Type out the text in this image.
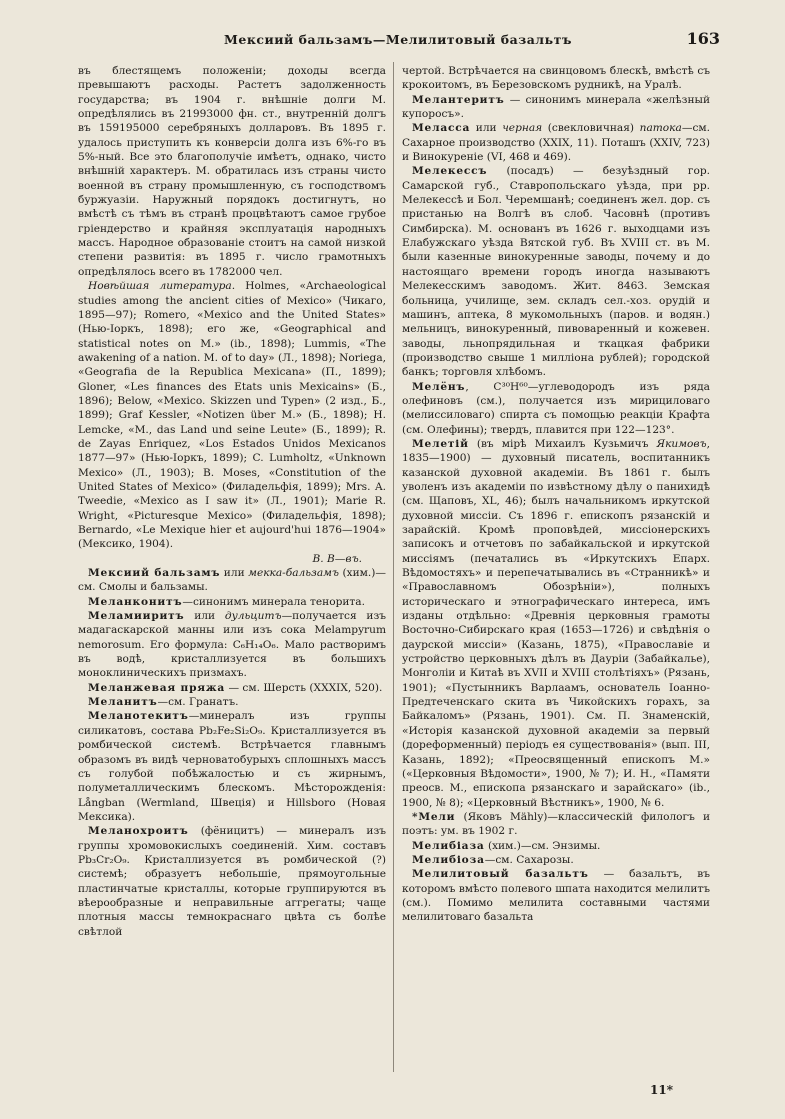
Мексиий бальзамъ—Мелилитовый базальтъ	163

въ блестящемъ положеніи; доходы всегда превышаютъ расходы. Растетъ задолженность государства; въ 1904 г. внѣшніе долги М. опредѣлялись въ 21993000 фн. ст., внутренній долгъ въ 159195000 серебряныхъ долларовъ. Въ 1895 г. удалось приступить къ конверсіи долга изъ 6%-го въ 5%-ный. Все это благополучіе имѣетъ, однако, чисто внѣшній характеръ. М. обратилась изъ страны чисто военной въ страну промышленную, съ господствомъ буржуазіи. Наружный порядокъ достигнутъ, но вмѣстѣ съ тѣмъ въ странѣ процвѣтаютъ самое грубое гріендерство и крайняя эксплуатація народныхъ массъ. Народное образованіе стоитъ на самой низкой степени развитія: въ 1895 г. число грамотныхъ опредѣлялось всего въ 1782000 чел.

Новѣйшая литература. Holmes, «Archaeological studies among the ancient cities of Mexico» (Чикаго, 1895—97); Romero, «Mexico and the United States» (Нью-Іоркъ, 1898); его же, «Geographical and statistical notes on M.» (ib., 1898); Lummis, «The awakening of a nation. M. of to day» (Л., 1898); Noriega, «Geografia de la Republica Mexicana» (П., 1899); Glоner, «Les finances des Etats unis Mexicains» (Б., 1896); Below, «Mexico. Skizzen und Typen» (2 изд., Б., 1899); Graf Kessler, «Notizen über M.» (Б., 1898); H. Lemcke, «M., das Land und seine Leute» (Б., 1899); R. de Zayas Enriquez, «Los Estados Unidos Mexicanos 1877—97» (Нью-Іоркъ, 1899); C. Lumholtz, «Unknown Mexico» (Л., 1903); B. Moses, «Constitution of the United States of Mexico» (Филадельфія, 1899); Mrs. A. Tweedie, «Mexico as I saw it» (Л., 1901); Marie R. Wright, «Picturesque Mexico» (Филадельфія, 1898); Bernardo, «Le Mexique hier et aujourd'hui 1876—1904» (Мексико, 1904).
В. В—въ.

Мексиий бальзамъ или мекка-бальзамъ (хим.)—см. Смолы и бальзамы.

Меланконитъ—синонимъ минерала тенорита.

Меламииритъ или дульцитъ—получается изъ мадагаскарской манны или изъ сока Melampyrum nemorosum. Его формула: C₆H₁₄O₆. Мало растворимъ въ водѣ, кристаллизуется въ большихъ моноклиническихъ призмахъ.

Меланжевая пряжа — см. Шерсть (XXXIX, 520).

Меланитъ—см. Гранатъ.

Меланотекитъ—минералъ изъ группы силикатовъ, состава Pb₂Fe₂Si₂O₉. Кристаллизуется въ ромбической системѣ. Встрѣчается главнымъ образомъ въ видѣ черноватобурыхъ сплошныхъ массъ съ голубой побѣжалостью и съ жирнымъ, полуметаллическимъ блескомъ. Мѣсторожденія: Långban (Wermland, Швеція) и Hillsboro (Новая Мексика).

Меланохроитъ (фёницитъ) — минералъ изъ группы хромовокислыхъ соединеній. Хим. составъ Pb₃Cr₂O₉. Кристаллизуется въ ромбической (?) системѣ; образуетъ небольшіе, прямоугольные пластинчатые кристаллы, которые группируются въ вѣерообразные и неправильные аггрегаты; чаще плотныя массы темнокраснаго цвѣта съ болѣе свѣтлой

чертой. Встрѣчается на свинцовомъ блескѣ, вмѣстѣ съ крокоитомъ, въ Березовскомъ рудникѣ, на Уралѣ.

Мелантеритъ — синонимъ минерала «желѣзный купоросъ».

Меласса или черная (свекловичная) патока—см. Сахарное производство (XXIX, 11). Поташъ (XXIV, 723) и Винокуреніе (VI, 468 и 469).

Мелекессъ (посадъ) — безуѣздный гор. Самарской губ., Ставропольскаго уѣзда, при рр. Мелекессѣ и Бол. Черемшанѣ; соединенъ жел. дор. съ пристанью на Волгѣ въ слоб. Часовнѣ (противъ Симбирска). М. основанъ въ 1626 г. выходцами изъ Елабужскаго уѣзда Вятской губ. Въ XVIII ст. въ М. были казенные винокуренные заводы, почему и до настоящаго времени городъ иногда называютъ Мелекесскимъ заводомъ. Жит. 8463. Земская больница, училище, зем. складъ сел.-хоз. орудій и машинъ, аптека, 8 мукомольныхъ (паров. и водян.) мельницъ, винокуренный, пивоваренный и кожевен. заводы, льнопрядильная и ткацкая фабрики (производство свыше 1 милліона рублей); городской банкъ; торговля хлѣбомъ.

Мелёнъ, C³⁰H⁶⁰—углеводородъ изъ ряда олефиновъ (см.), получается изъ мирициловаго (мелиссиловаго) спирта съ помощью реакціи Крафта (см. Олефины); твердъ, плавится при 122—123°.

Мелетій (въ мірѣ Михаилъ Кузьмичъ Якимовъ, 1835—1900) — духовный писатель, воспитанникъ казанской духовной академіи. Въ 1861 г. былъ уволенъ изъ академіи по извѣстному дѣлу о панихидѣ (см. Щаповъ, XL, 46); былъ начальникомъ иркутской духовной миссіи. Съ 1896 г. епископъ рязанскій и зарайскій. Кромѣ проповѣдей, миссіонерскихъ записокъ и отчетовъ по забайкальской и иркутской миссіямъ (печатались въ «Иркутскихъ Епарх. Вѣдомостяхъ» и перепечатывались въ «Странникѣ» и «Православномъ Обозрѣніи»), полныхъ историческаго и этнографическаго интереса, имъ изданы отдѣльно: «Древнія церковныя грамоты Восточно-Сибирскаго края (1653—1726) и свѣдѣнія о даурской миссіи» (Казань, 1875), «Православіе и устройство церковныхъ дѣлъ въ Дауріи (Забайкалье), Монголіи и Китаѣ въ XVII и XVIII столѣтіяхъ» (Рязань, 1901); «Пустынникъ Варлаамъ, основатель Іоанно-Предтеченскаго скита въ Чикойскихъ горахъ, за Байкаломъ» (Рязань, 1901). См. П. Знаменскій, «Исторія казанской духовной академіи за первый (дореформенный) періодъ ея существованія» (вып. III, Казань, 1892); «Преосвященный епископъ М.» («Церковныя Вѣдомости», 1900, № 7); И. Н., «Памяти преосв. М., епископа рязанскаго и зарайскаго» (ib., 1900, № 8); «Церковный Вѣстникъ», 1900, № 6.

*Мели (Яковъ Mähly)—классическій филологъ и поэтъ: ум. въ 1902 г.

Мелибіаза (хим.)—см. Энзимы.

Мелибіоза—см. Сахарозы.

Мелилитовый базальтъ — базальтъ, въ которомъ вмѣсто полевого шпата находится мелилитъ (см.). Помимо мелилита составными частями мелилитоваго базальта

11*
